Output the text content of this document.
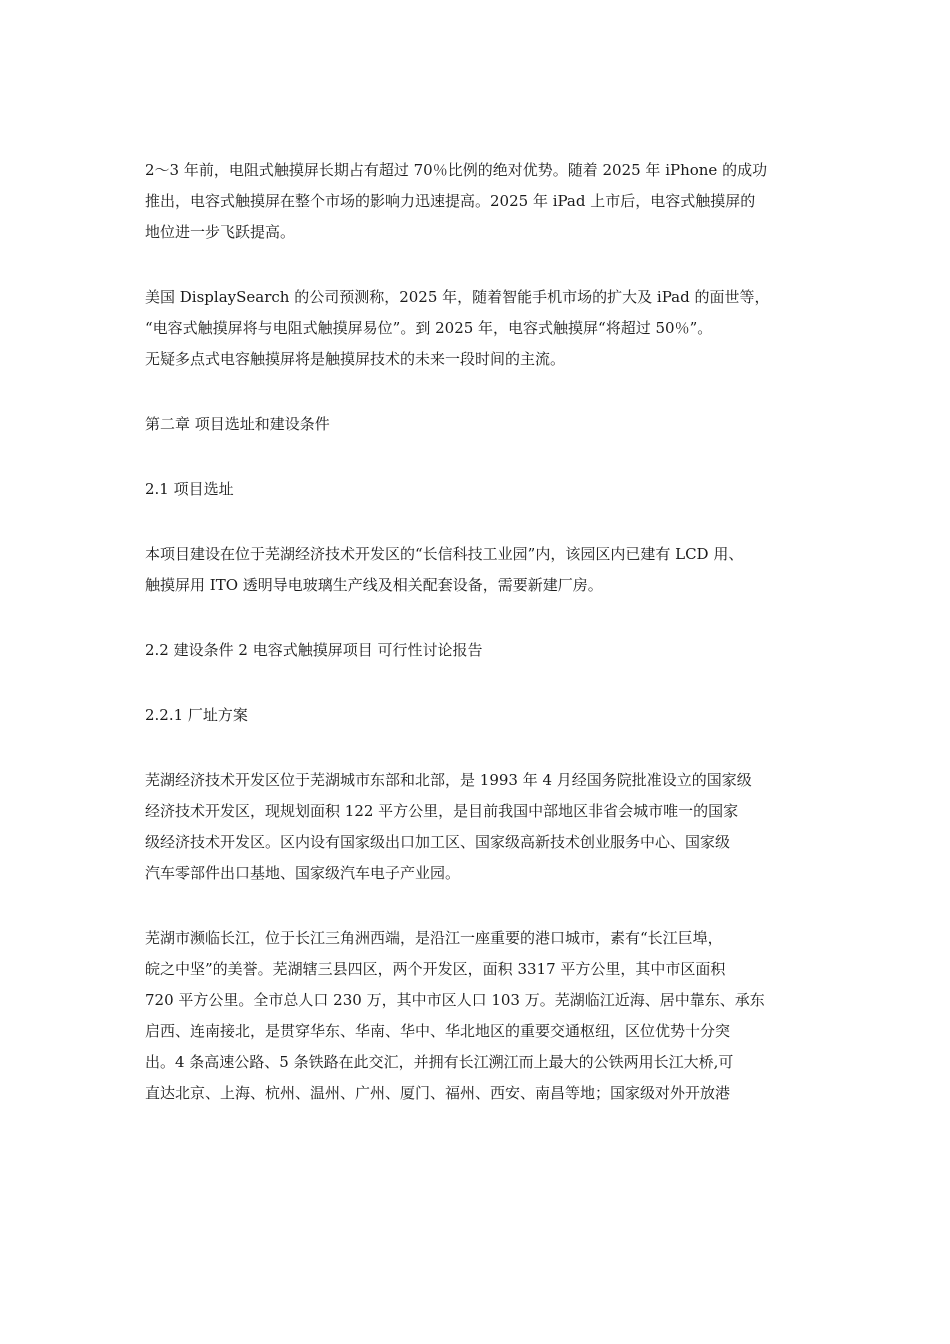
2～3 年前，电阻式触摸屏长期占有超过 70％比例的绝对优势。随着 2025 年 iPhone 的成功
推出，电容式触摸屏在整个市场的影响力迅速提高。2025 年 iPad 上市后，电容式触摸屏的
地位进一步飞跃提高。

美国 DisplaySearch 的公司预测称，2025 年，随着智能手机市场的扩大及 iPad 的面世等，
“电容式触摸屏将与电阻式触摸屏易位”。到 2025 年，电容式触摸屏“将超过 50％”。
无疑多点式电容触摸屏将是触摸屏技术的未来一段时间的主流。

第二章 项目选址和建设条件

2.1 项目选址

本项目建设在位于芜湖经济技术开发区的“长信科技工业园”内，该园区内已建有 LCD 用、
触摸屏用 ITO 透明导电玻璃生产线及相关配套设备，需要新建厂房。

2.2 建设条件 2 电容式触摸屏项目 可行性讨论报告

2.2.1 厂址方案

芜湖经济技术开发区位于芜湖城市东部和北部，是 1993 年 4 月经国务院批准设立的国家级
经济技术开发区，现规划面积 122 平方公里，是目前我国中部地区非省会城市唯一的国家
级经济技术开发区。区内设有国家级出口加工区、国家级高新技术创业服务中心、国家级
汽车零部件出口基地、国家级汽车电子产业园。

芜湖市濒临长江，位于长江三角洲西端，是沿江一座重要的港口城市，素有“长江巨埠，
皖之中坚”的美誉。芜湖辖三县四区，两个开发区，面积 3317 平方公里，其中市区面积
720 平方公里。全市总人口 230 万，其中市区人口 103 万。芜湖临江近海、居中靠东、承东
启西、连南接北，是贯穿华东、华南、华中、华北地区的重要交通枢纽，区位优势十分突
出。4 条高速公路、5 条铁路在此交汇，并拥有长江溯江而上最大的公铁两用长江大桥,可
直达北京、上海、杭州、温州、广州、厦门、福州、西安、南昌等地；国家级对外开放港
